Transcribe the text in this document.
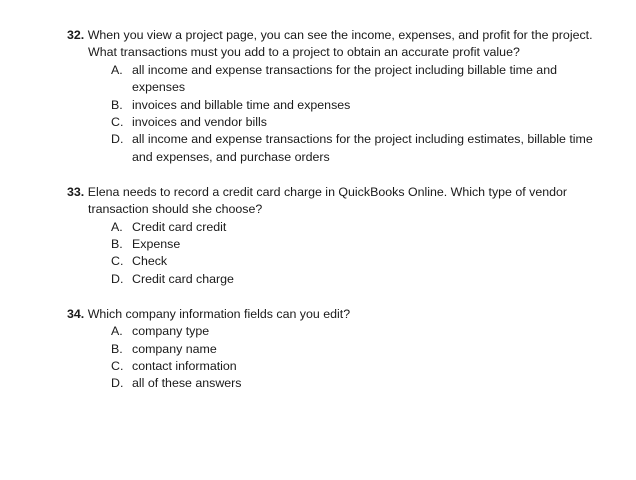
32. When you view a project page, you can see the income, expenses, and profit for the project. What transactions must you add to a project to obtain an accurate profit value?
A. all income and expense transactions for the project including billable time and expenses
B. invoices and billable time and expenses
C. invoices and vendor bills
D. all income and expense transactions for the project including estimates, billable time and expenses, and purchase orders
33. Elena needs to record a credit card charge in QuickBooks Online. Which type of vendor transaction should she choose?
A. Credit card credit
B. Expense
C. Check
D. Credit card charge
34. Which company information fields can you edit?
A. company type
B. company name
C. contact information
D. all of these answers
